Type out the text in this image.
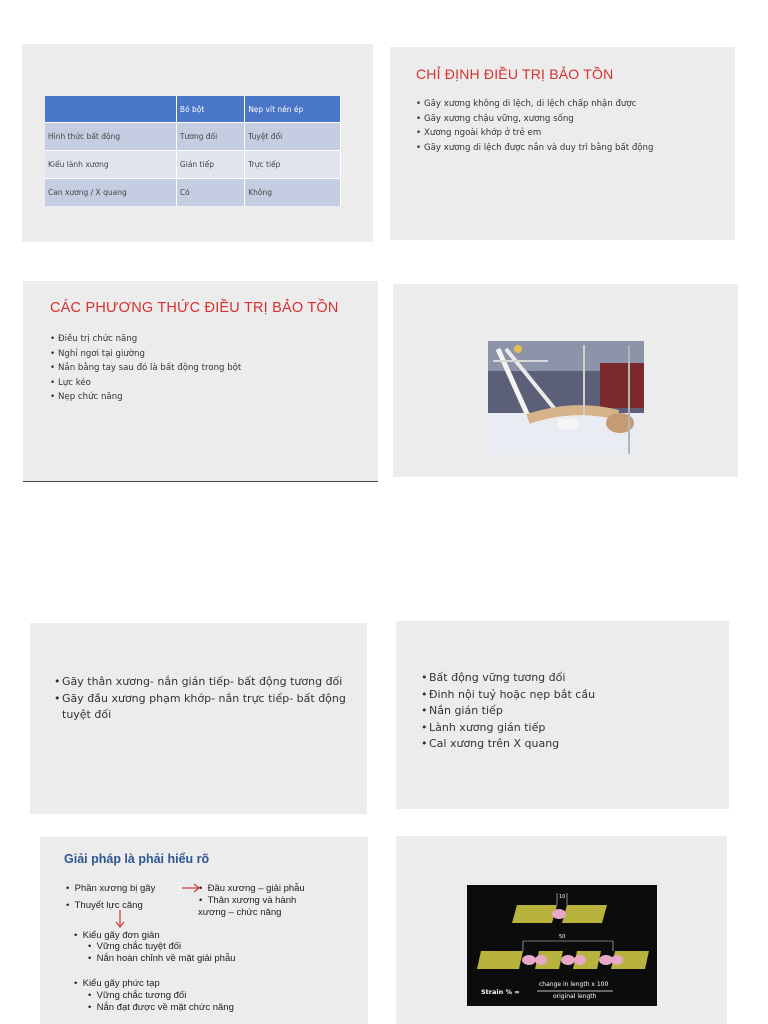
	Bó bột	Nẹp vít nén ép
Hình thức bất động	Tương đối	Tuyệt đối
Kiểu lành xương	Gián tiếp	Trực tiếp
Can xương / X quang	Có	Không
CHỈ ĐỊNH ĐIỀU TRỊ BẢO TỒN
• Gãy xương không di lệch, di lệch chấp nhận được
• Gãy xương chậu vững, xương sống
• Xương ngoài khớp ở trẻ em
• Gãy xương di lệch được nắn và duy trì bằng bất động
CÁC PHƯƠNG THỨC ĐIỀU TRỊ BẢO TỒN
• Điều trị chức năng
• Nghỉ ngơi tại giường
• Nắn bằng tay sau đó là bất động trong bột
• Lực kéo
• Nẹp chức năng
• Gãy thân xương- nắn gián tiếp- bất động tương đối
• Gãy đầu xương phạm khớp- nắn trực tiếp- bất động tuyệt đối
• Bất động vững tương đối
• Đinh nội tuỷ hoặc nẹp bắt cầu
• Nắn gián tiếp
• Lành xương gián tiếp
• Cal xương trên X quang
Giải pháp là phải hiểu rõ
•  Phần xương bị gãy
•  Thuyết lực căng
•  Đầu xương – giải phẫu
•  Thân xương và hành
xương – chức năng
•  Kiểu gãy đơn giản
•  Vững chắc tuyệt đối
•  Nắn hoàn chỉnh về mặt giải phẫu
•  Kiểu gãy phức tạp
•  Vững chắc tương đối
•  Nắn đạt được về mặt chức năng
10
50
Strain % =
change in length x 100
original length
